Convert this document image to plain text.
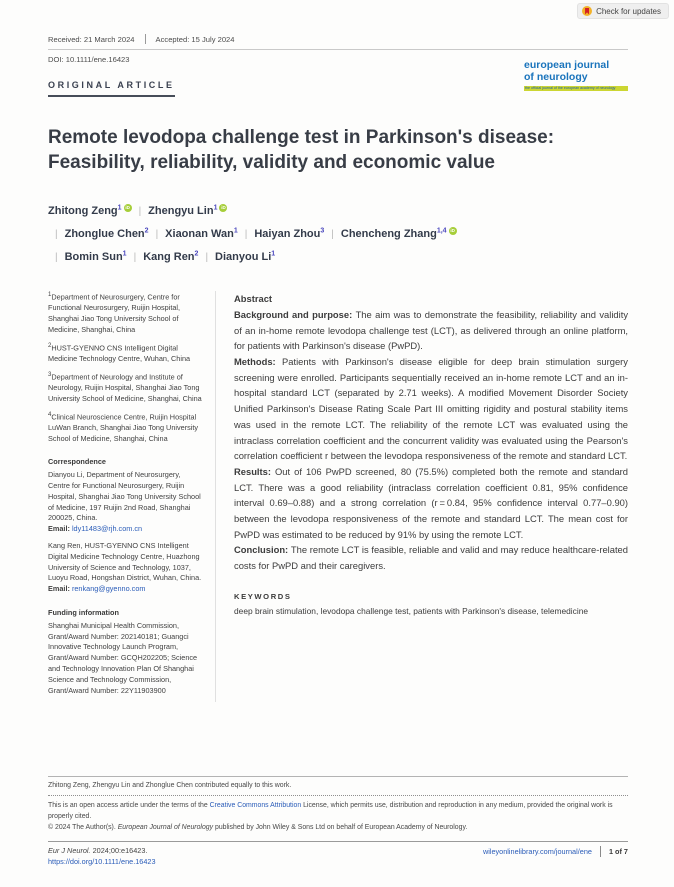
Check for updates
Received: 21 March 2024	Accepted: 15 July 2024
DOI: 10.1111/ene.16423
ORIGINAL ARTICLE
european journal
of neurology
the official journal of the european academy of neurology
Remote levodopa challenge test in Parkinson's disease: Feasibility, reliability, validity and economic value
Zhitong Zeng$^1$ iD | Zhengyu Lin$^1$ iD| Zhonglue Chen$^2$ | Xiaonan Wan$^1$ | Haiyan Zhou$^3$ | Chencheng Zhang$^{1,4}$ iD| Bomin Sun$^1$ | Kang Ren$^2$ | Dianyou Li$^1$

$^1$Department of Neurosurgery, Centre for Functional Neurosurgery, Ruijin Hospital, Shanghai Jiao Tong University School of Medicine, Shanghai, China

$^2$HUST-GYENNO CNS Intelligent Digital Medicine Technology Centre, Wuhan, China

$^3$Department of Neurology and Institute of Neurology, Ruijin Hospital, Shanghai Jiao Tong University School of Medicine, Shanghai, China

$^4$Clinical Neuroscience Centre, Ruijin Hospital LuWan Branch, Shanghai Jiao Tong University School of Medicine, Shanghai, China

Correspondence

Dianyou Li, Department of Neurosurgery, Centre for Functional Neurosurgery, Ruijin Hospital, Shanghai Jiao Tong University School of Medicine, 197 Ruijin 2nd Road, Shanghai 200025, China.
Email: ldy11483@rjh.com.cn

Kang Ren, HUST-GYENNO CNS Intelligent Digital Medicine Technology Centre, Huazhong University of Science and Technology, 1037, Luoyu Road, Hongshan District, Wuhan, China.
Email: renkang@gyenno.com

Funding information

Shanghai Municipal Health Commission, Grant/Award Number: 202140181; Guangci Innovative Technology Launch Program, Grant/Award Number: GCQH202205; Science and Technology Innovation Plan Of Shanghai Science and Technology Commission, Grant/Award Number: 22Y11903900

Abstract

Background and purpose: The aim was to demonstrate the feasibility, reliability and validity of an in-home remote levodopa challenge test (LCT), as delivered through an online platform, for patients with Parkinson's disease (PwPD).

Methods: Patients with Parkinson's disease eligible for deep brain stimulation surgery screening were enrolled. Participants sequentially received an in-home remote LCT and an in-hospital standard LCT (separated by 2.71 weeks). A modified Movement Disorder Society Unified Parkinson's Disease Rating Scale Part III omitting rigidity and postural stability items was used in the remote LCT. The reliability of the remote LCT was evaluated using the intraclass correlation coefficient and the concurrent validity was evaluated using the Pearson's correlation coefficient r between the levodopa responsiveness of the remote and standard LCT.

Results: Out of 106 PwPD screened, 80 (75.5%) completed both the remote and standard LCT. There was a good reliability (intraclass correlation coefficient 0.81, 95% confidence interval 0.69–0.88) and a strong correlation (r = 0.84, 95% confidence interval 0.77–0.90) between the levodopa responsiveness of the remote and standard LCT. The mean cost for PwPD was estimated to be reduced by 91% by using the remote LCT.

Conclusion: The remote LCT is feasible, reliable and valid and may reduce healthcare-related costs for PwPD and their caregivers.

KEYWORDS
deep brain stimulation, levodopa challenge test, patients with Parkinson's disease, telemedicine
Zhitong Zeng, Zhengyu Lin and Zhonglue Chen contributed equally to this work.
This is an open access article under the terms of the Creative Commons Attribution License, which permits use, distribution and reproduction in any medium, provided the original work is properly cited.
© 2024 The Author(s). European Journal of Neurology published by John Wiley & Sons Ltd on behalf of European Academy of Neurology.
Eur J Neurol. 2024;00:e16423.
https://doi.org/10.1111/ene.16423
wileyonlinelibrary.com/journal/ene 1 of 7
